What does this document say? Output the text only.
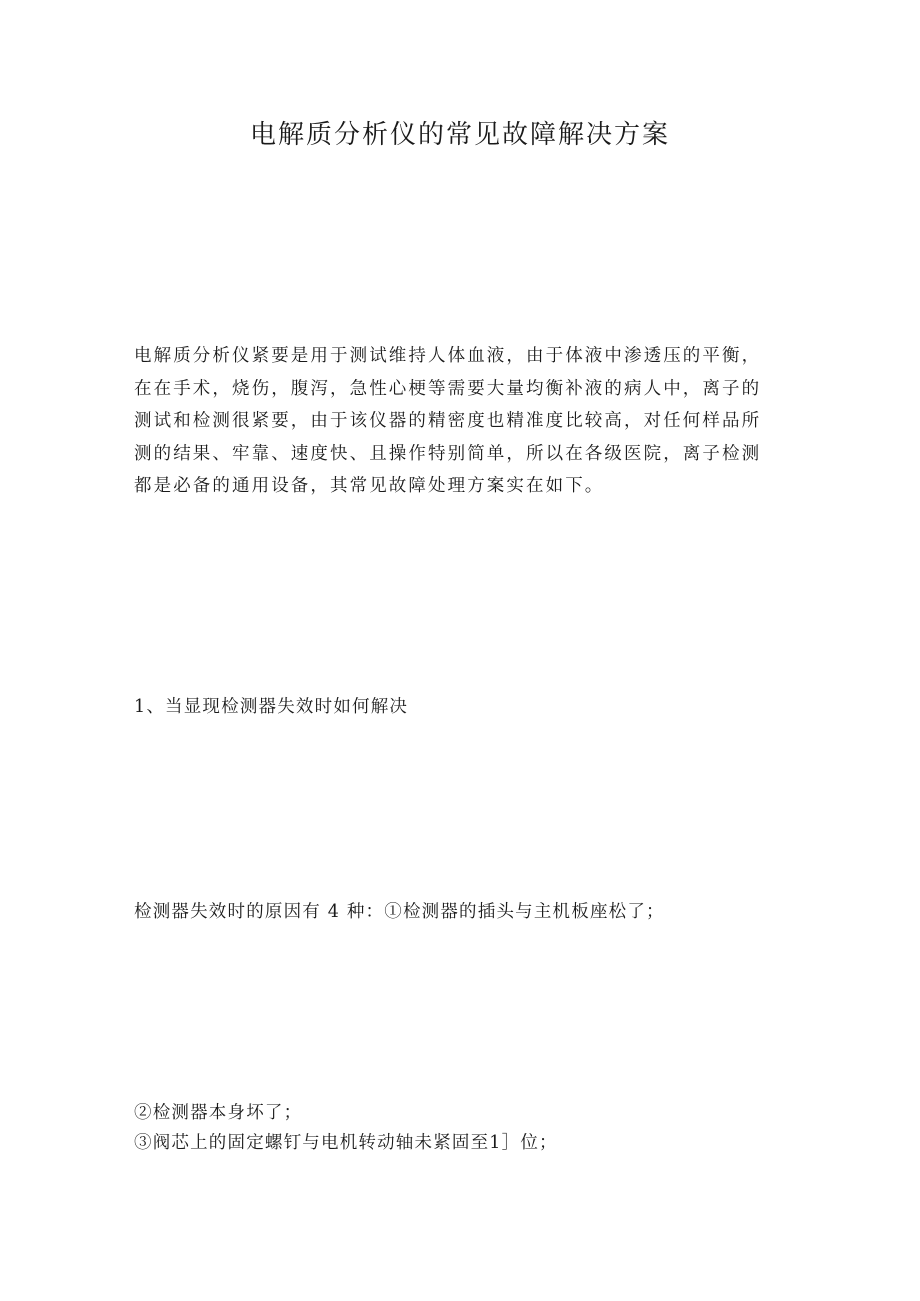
电解质分析仪的常见故障解决方案

电解质分析仪紧要是用于测试维持人体血液，由于体液中渗透压的平衡，
在在手术，烧伤，腹泻，急性心梗等需要大量均衡补液的病人中，离子的
测试和检测很紧要，由于该仪器的精密度也精准度比较高，对任何样品所
测的结果、牢靠、速度快、且操作特别简单，所以在各级医院，离子检测
都是必备的通用设备，其常见故障处理方案实在如下。

1、当显现检测器失效时如何解决

检测器失效时的原因有 4 种：①检测器的插头与主机板座松了；

②检测器本身坏了；

③阀芯上的固定螺钉与电机转动轴未紧固至1］位；
